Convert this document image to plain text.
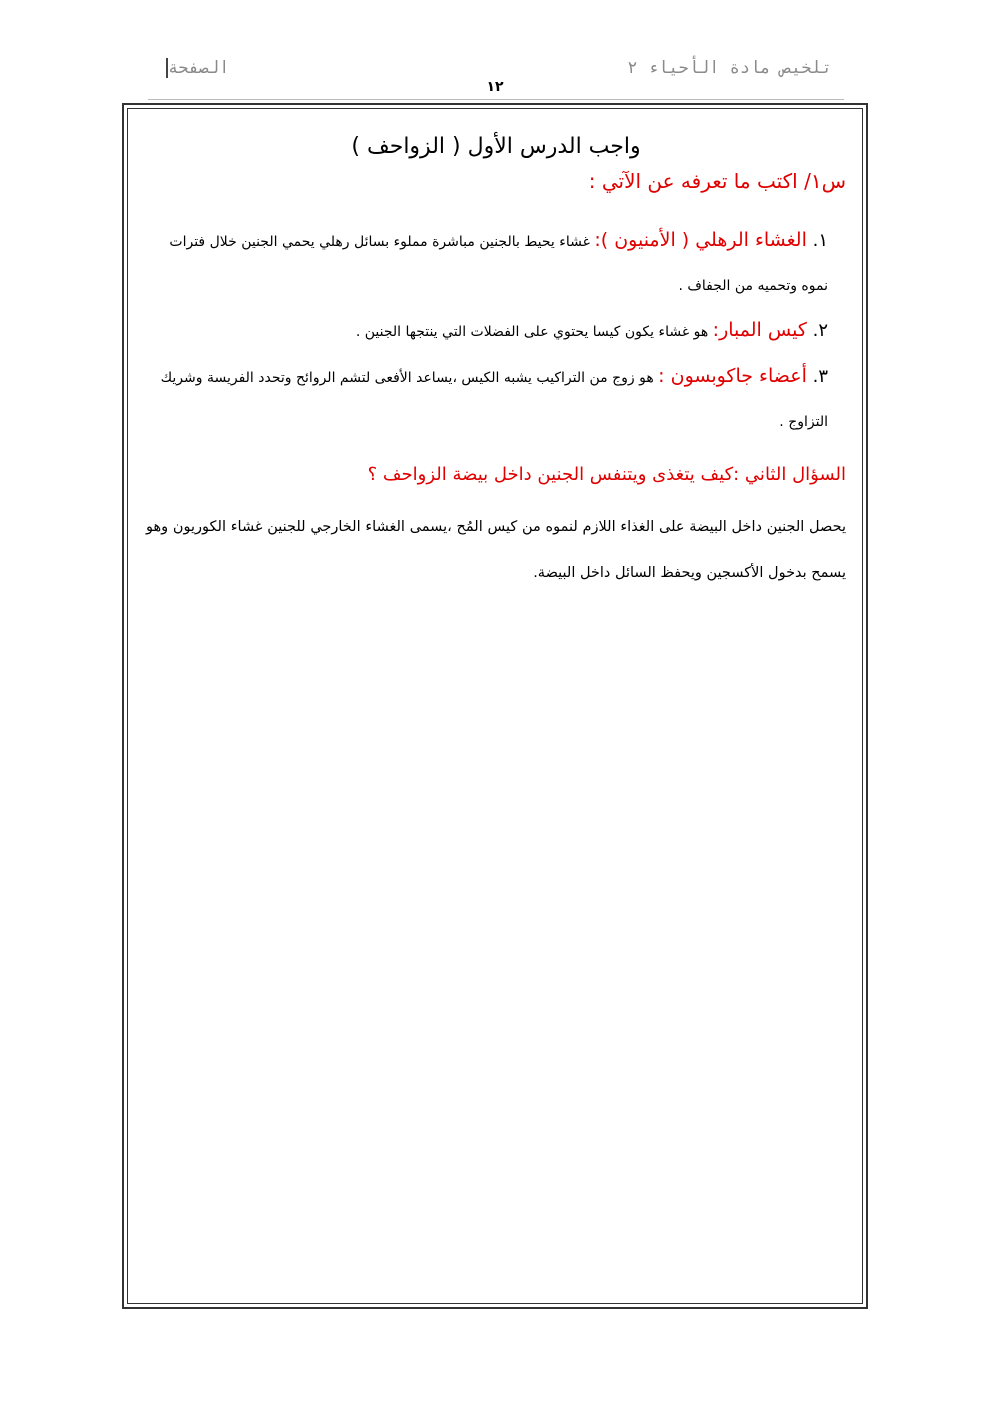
تلخيص مادة الأحياء ٢
الصفحة
١٢
واجب الدرس الأول ( الزواحف )
س١/ اكتب ما تعرفه عن الآتي :

١. الغشاء الرهلي ( الأمنيون ): غشاء يحيط بالجنين مباشرة مملوء بسائل رهلي يحمي الجنين خلال فترات نموه وتحميه من الجفاف .

٢. كيس المبار: هو غشاء يكون كيسا يحتوي على الفضلات التي ينتجها الجنين .

٣. أعضاء جاكوبسون : هو زوج من التراكيب يشبه الكيس ،يساعد الأفعى لتشم الروائح وتحدد الفريسة وشريك التزاوج .

السؤال الثاني :كيف يتغذى ويتنفس الجنين داخل بيضة الزواحف ؟

يحصل الجنين داخل البيضة على الغذاء اللازم لنموه من كيس المُح ،يسمى الغشاء الخارجي للجنين غشاء الكوريون وهو يسمح بدخول الأكسجين ويحفظ السائل داخل البيضة.
